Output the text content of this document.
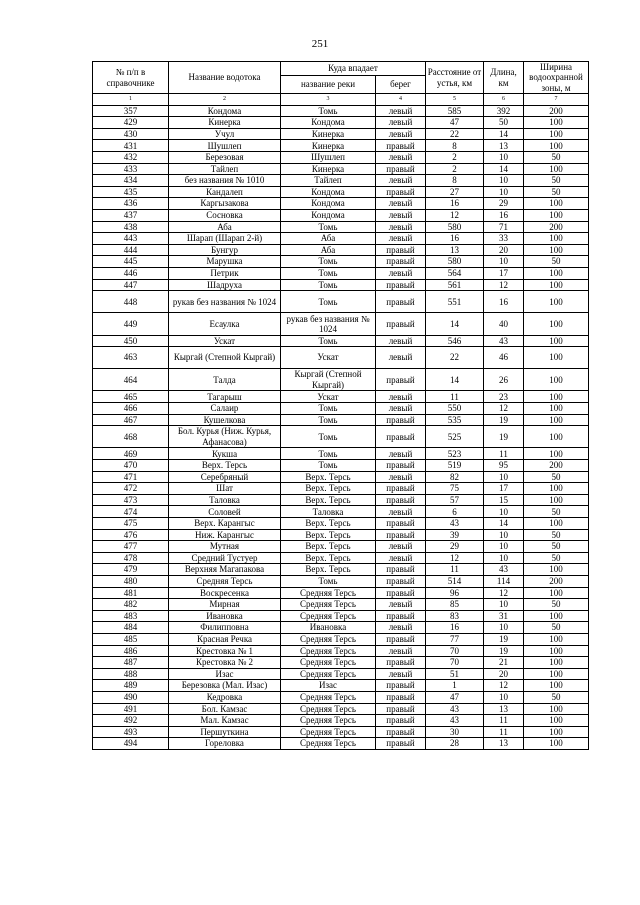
251
№ п/п в справочнике	Название водотока	Куда впадает		Расстояние от устья, км	Длина, км	Ширина водоохранной зоны, м
		название реки	берег			
1	2	3	4	5	6	7
357	Кондома	Томь	левый	585	392	200
429	Кинерка	Кондома	левый	47	50	100
430	Учул	Кинерка	левый	22	14	100
431	Шушлеп	Кинерка	правый	8	13	100
432	Березовая	Шушлеп	левый	2	10	50
433	Тайлеп	Кинерка	правый	2	14	100
434	без названия № 1010	Тайлеп	левый	8	10	50
435	Кандалеп	Кондома	правый	27	10	50
436	Каргызакова	Кондома	левый	16	29	100
437	Сосновка	Кондома	левый	12	16	100
438	Аба	Томь	левый	580	71	200
443	Шарап (Шарап 2-й)	Аба	левый	16	33	100
444	Бунгур	Аба	правый	13	20	100
445	Марушка	Томь	правый	580	10	50
446	Петрик	Томь	левый	564	17	100
447	Шадруха	Томь	правый	561	12	100
448	рукав без названия № 1024	Томь	правый	551	16	100
449	Есаулка	рукав без названия № 1024	правый	14	40	100
450	Ускат	Томь	левый	546	43	100
463	Кыргай (Степной Кыргай)	Ускат	левый	22	46	100
464	Талда	Кыргай (Степной Кыргай)	правый	14	26	100
465	Тагарыш	Ускат	левый	11	23	100
466	Салаир	Томь	левый	550	12	100
467	Кушелкова	Томь	правый	535	19	100
468	Бол. Курья (Ниж. Курья, Афанасова)	Томь	правый	525	19	100
469	Кукша	Томь	левый	523	11	100
470	Верх. Терсь	Томь	правый	519	95	200
471	Серебряный	Верх. Терсь	левый	82	10	50
472	Шат	Верх. Терсь	правый	75	17	100
473	Таловка	Верх. Терсь	правый	57	15	100
474	Соловей	Таловка	левый	6	10	50
475	Верх. Карангыс	Верх. Терсь	правый	43	14	100
476	Ниж. Карангыс	Верх. Терсь	правый	39	10	50
477	Мутная	Верх. Терсь	левый	29	10	50
478	Средний Тустуер	Верх. Терсь	левый	12	10	50
479	Верхняя Магапакова	Верх. Терсь	правый	11	43	100
480	Средняя Терсь	Томь	правый	514	114	200
481	Воскресенка	Средняя Терсь	правый	96	12	100
482	Мирная	Средняя Терсь	левый	85	10	50
483	Ивановка	Средняя Терсь	правый	83	31	100
484	Филипповна	Ивановка	левый	16	10	50
485	Красная Речка	Средняя Терсь	правый	77	19	100
486	Крестовка № 1	Средняя Терсь	левый	70	19	100
487	Крестовка № 2	Средняя Терсь	правый	70	21	100
488	Изас	Средняя Терсь	левый	51	20	100
489	Березовка (Мал. Изас)	Изас	правый	1	12	100
490	Кедровка	Средняя Терсь	правый	47	10	50
491	Бол. Камзас	Средняя Терсь	правый	43	13	100
492	Мал. Камзас	Средняя Терсь	правый	43	11	100
493	Першуткина	Средняя Терсь	правый	30	11	100
494	Гореловка	Средняя Терсь	правый	28	13	100
